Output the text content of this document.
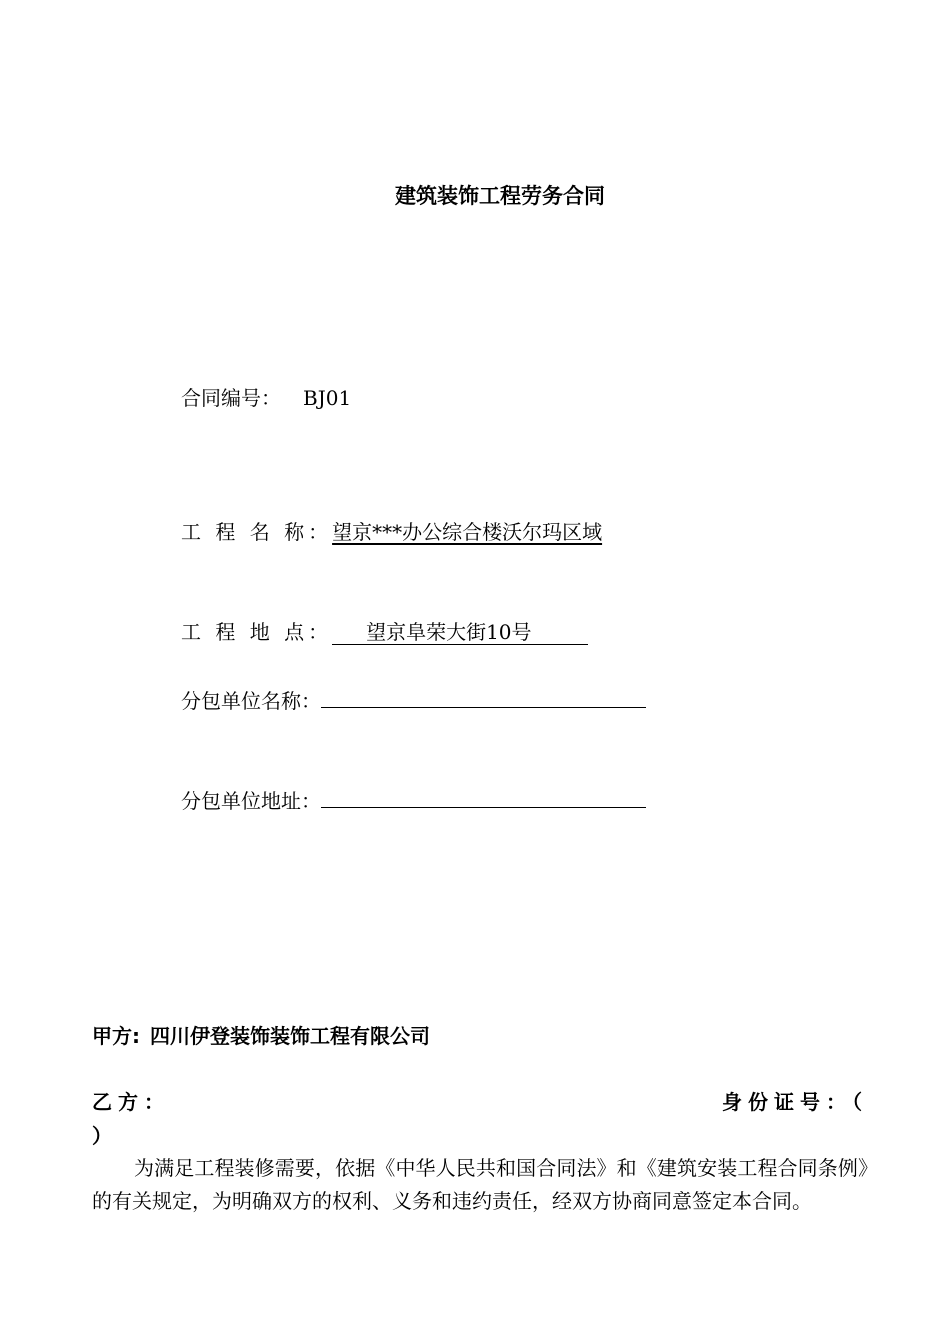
建筑装饰工程劳务合同
合同编号： BJ01
工 程 名 称：望京***办公综合楼沃尔玛区域
工 程 地 点： 望京阜荣大街10号
分包单位名称：
分包单位地址：
甲方: 四川伊登装饰装饰工程有限公司
乙方：	身份证号：（
）
为满足工程装修需要，依据《中华人民共和国合同法》和《建筑安装工程合同条例》的有关规定，为明确双方的权利、义务和违约责任，经双方协商同意签定本合同。
